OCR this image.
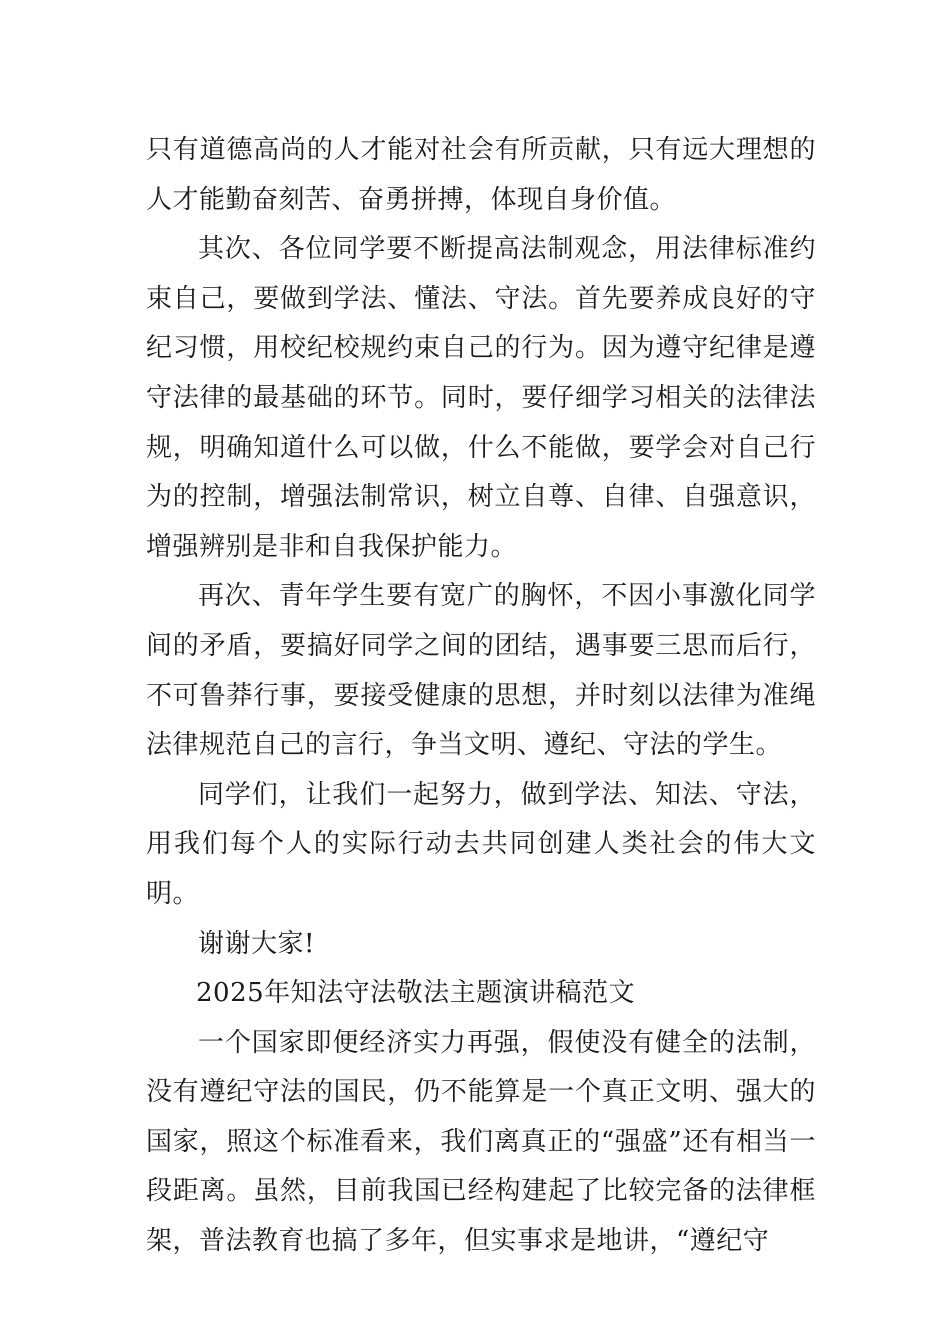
只有道德高尚的人才能对社会有所贡献，只有远大理想的人才能勤奋刻苦、奋勇拼搏，体现自身价值。

其次、各位同学要不断提高法制观念，用法律标准约束自己，要做到学法、懂法、守法。首先要养成良好的守纪习惯，用校纪校规约束自己的行为。因为遵守纪律是遵守法律的最基础的环节。同时，要仔细学习相关的法律法规，明确知道什么可以做，什么不能做，要学会对自己行为的控制，增强法制常识，树立自尊、自律、自强意识，增强辨别是非和自我保护能力。

再次、青年学生要有宽广的胸怀，不因小事激化同学间的矛盾，要搞好同学之间的团结，遇事要三思而后行，不可鲁莽行事，要接受健康的思想，并时刻以法律为准绳法律规范自己的言行，争当文明、遵纪、守法的学生。

同学们，让我们一起努力，做到学法、知法、守法，用我们每个人的实际行动去共同创建人类社会的伟大文明。

谢谢大家!

2025年知法守法敬法主题演讲稿范文

一个国家即便经济实力再强，假使没有健全的法制，没有遵纪守法的国民，仍不能算是一个真正文明、强大的国家，照这个标准看来，我们离真正的“强盛”还有相当一段距离。虽然，目前我国已经构建起了比较完备的法律框架，普法教育也搞了多年，但实事求是地讲，“遵纪守
